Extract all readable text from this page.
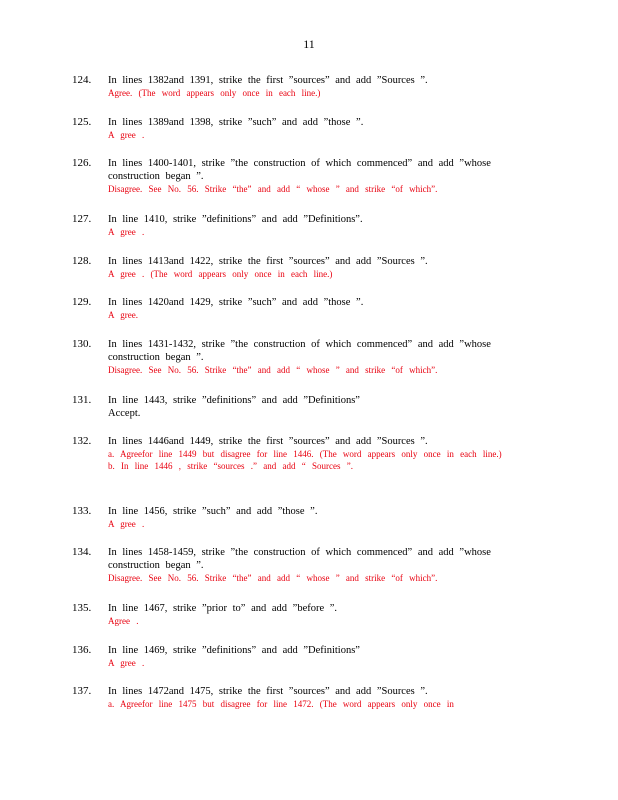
11
124.	In lines 1382and 1391, strike the first ”sources” and add ”Sources ”.
Agree. (The word appears only once in each line.)
125.	In lines 1389and 1398, strike ”such” and add ”those ”.
A gree .
126.	In lines 1400-1401, strike ”the construction of which commenced” and add ”whose construction began ”.
Disagree. See No. 56. Strike “the” and add “ whose ” and strike “of which”.
127.	In line 1410, strike ”definitions” and add ”Definitions”.
A gree .
128.	In lines 1413and 1422, strike the first ”sources” and add ”Sources ”.
A gree . (The word appears only once in each line.)
129.	In lines 1420and 1429, strike ”such” and add ”those ”.
A gree.
130.	In lines 1431-1432, strike ”the construction of which commenced” and add ”whose construction began ”.
Disagree. See No. 56. Strike “the” and add “ whose ” and strike “of which”.
131.	In line 1443, strike ”definitions” and add ”Definitions”
Accept.
132.	In lines 1446and 1449, strike the first ”sources” and add ”Sources ”.
a. Agreefor line 1449 but disagree for line 1446. (The word appears only once in each line.)
b. In line 1446 , strike “sources .” and add “ Sources ”.
133.	In line 1456, strike ”such” and add ”those ”.
A gree .
134.	In lines 1458-1459, strike ”the construction of which commenced” and add ”whose construction began ”.
Disagree. See No. 56. Strike “the” and add “ whose ” and strike “of which”.
135.	In line 1467, strike ”prior to” and add ”before ”.
Agree .
136.	In line 1469, strike ”definitions” and add ”Definitions”
A gree .
137.	In lines 1472and 1475, strike the first ”sources” and add ”Sources ”.
a. Agreefor line 1475 but disagree for line 1472. (The word appears only once in
